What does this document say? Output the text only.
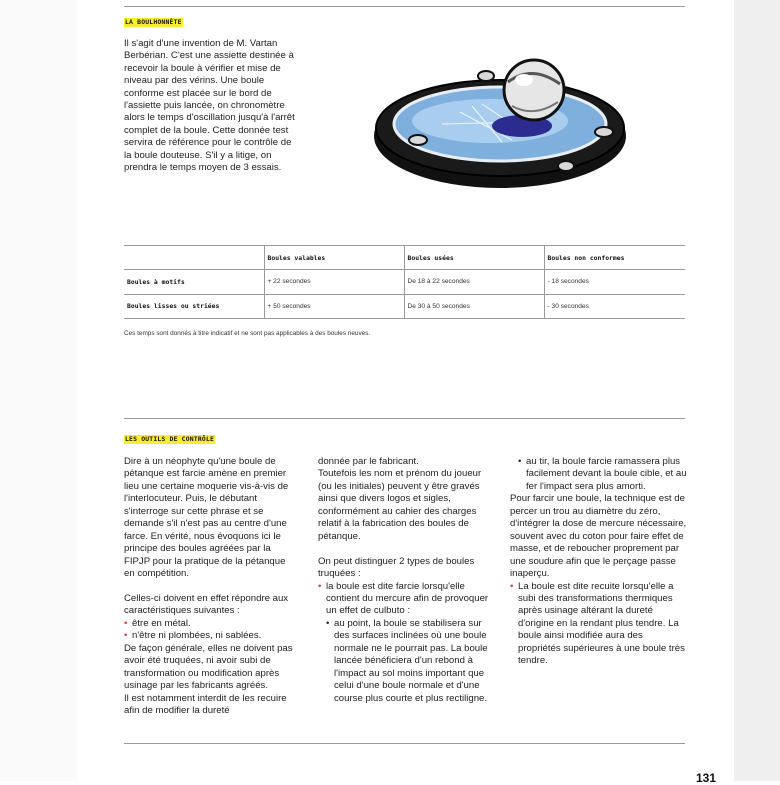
LA BOULHONNÈTE

Il s'agit d'une invention de M. Vartan Berbérian. C'est une assiette destinée à recevoir la boule à vérifier et mise de niveau par des vérins. Une boule conforme est placée sur le bord de l'assiette puis lancée, on chronomètre alors le temps d'oscillation jusqu'à l'arrêt complet de la boule. Cette donnée test servira de référence pour le contrôle de la boule douteuse. S'il y a litige, on prendra le temps moyen de 3 essais.

	Boules valables	Boules usées	Boules non conformes
Boules à motifs	+ 22 secondes	De 18 à 22 secondes	- 18 secondes
Boules lisses ou striées	+ 50 secondes	De 30 à 50 secondes	- 30 secondes

Ces temps sont donnés à titre indicatif et ne sont pas applicables à des boules neuves.

LES OUTILS DE CONTRÔLE

Dire à un néophyte qu'une boule de pétanque est farcie amène en premier lieu une certaine moquerie vis-à-vis de l'interlocuteur. Puis, le débutant s'interroge sur cette phrase et se demande s'il n'est pas au centre d'une farce. En vérité, nous évoquons ici le principe des boules agréées par la FIPJP pour la pratique de la pétanque en compétition.

Celles-ci doivent en effet répondre aux caractéristiques suivantes :

• être en métal.
• n'être ni plombées, ni sablées.

De façon générale, elles ne doivent pas avoir été truquées, ni avoir subi de transformation ou modification après usinage par les fabricants agréés.

Il est notamment interdit de les recuire afin de modifier la dureté

donnée par le fabricant.

Toutefois les nom et prénom du joueur (ou les initiales) peuvent y être gravés ainsi que divers logos et sigles, conformément au cahier des charges relatif à la fabrication des boules de pétanque.

On peut distinguer 2 types de boules truquées :

• la boule est dite farcie lorsqu'elle contient du mercure afin de provoquer un effet de culbuto :
• au point, la boule se stabilisera sur des surfaces inclinées où une boule normale ne le pourrait pas. La boule lancée bénéficiera d'un rebond à l'impact au sol moins important que celui d'une boule normale et d'une course plus courte et plus rectiligne.
• au tir, la boule farcie ramassera plus facilement devant la boule cible, et au fer l'impact sera plus amorti.

Pour farcir une boule, la technique est de percer un trou au diamètre du zéro, d'intégrer la dose de mercure nécessaire, souvent avec du coton pour faire effet de masse, et de reboucher proprement par une soudure afin que le perçage passe inaperçu.

• La boule est dite recuite lorsqu'elle a subi des transformations thermiques après usinage altérant la dureté d'origine en la rendant plus tendre. La boule ainsi modifiée aura des propriétés supérieures à une boule très tendre.
131
